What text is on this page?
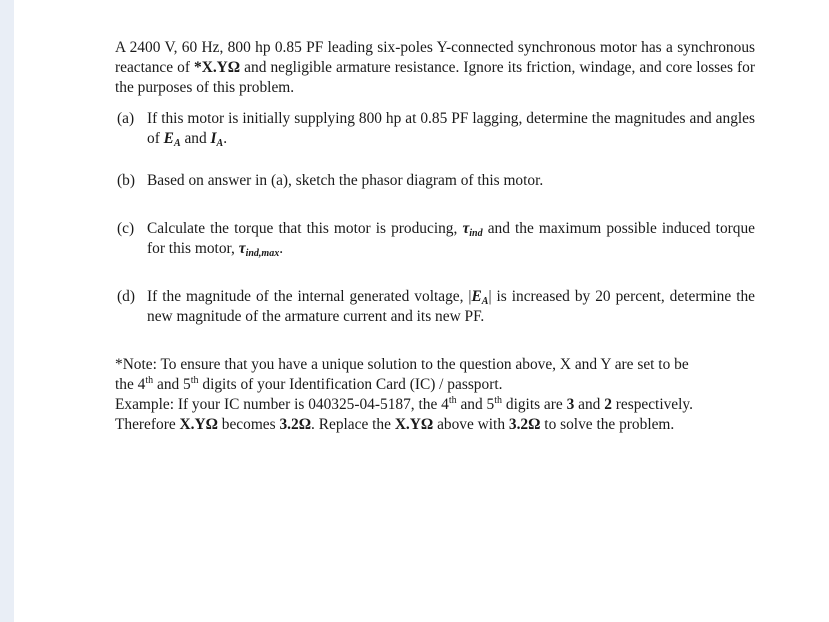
A 2400 V, 60 Hz, 800 hp 0.85 PF leading six-poles Y-connected synchronous motor has a synchronous reactance of *X.YΩ and negligible armature resistance. Ignore its friction, windage, and core losses for the purposes of this problem.

(a) If this motor is initially supplying 800 hp at 0.85 PF lagging, determine the magnitudes and angles of $E_A$ and $I_A$.

(b) Based on answer in (a), sketch the phasor diagram of this motor.

(c) Calculate the torque that this motor is producing, $\tau_{ind}$ and the maximum possible induced torque for this motor, $\tau_{ind,max}$.

(d) If the magnitude of the internal generated voltage, $|E_A|$ is increased by 20 percent, determine the new magnitude of the armature current and its new PF.

*Note: To ensure that you have a unique solution to the question above, X and Y are set to be
the 4th and 5th digits of your Identification Card (IC) / passport.
Example: If your IC number is 040325-04-5187, the 4th and 5th digits are 3 and 2 respectively.
Therefore X.YΩ becomes 3.2Ω. Replace the X.YΩ above with 3.2Ω to solve the problem.
